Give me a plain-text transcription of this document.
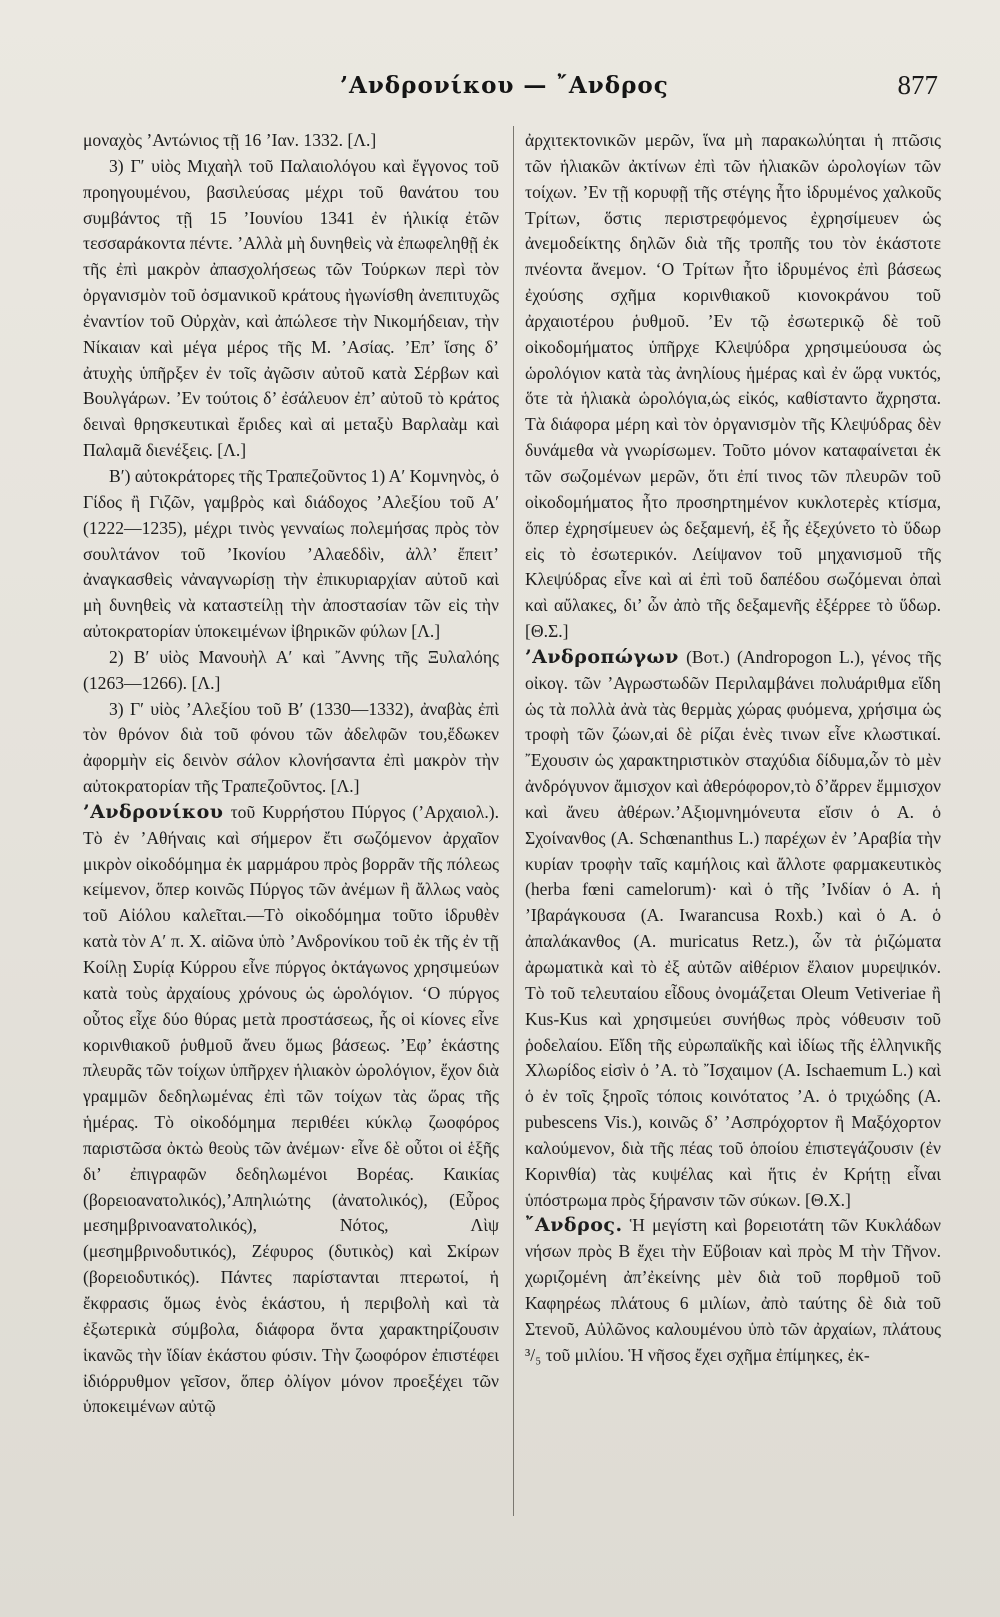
’Ανδρονίκου — ῎Ανδρος	877

μοναχὸς ’Αντώνιος τῇ 16 ’Ιαν. 1332. [Λ.]

3) Γ′ υἱὸς Μιχαὴλ τοῦ Παλαιολόγου καὶ ἔγγονος τοῦ προηγουμένου, βασιλεύσας μέχρι τοῦ θανάτου του συμβάντος τῇ 15 ’Ιουνίου 1341 ἐν ἡλικίᾳ ἐτῶν τεσσαράκοντα πέντε. ’Αλλὰ μὴ δυνηθεὶς νὰ ἐπωφεληθῇ ἐκ τῆς ἐπὶ μακρὸν ἀπασχολήσεως τῶν Τούρκων περὶ τὸν ὀργανισμὸν τοῦ ὀσμανικοῦ κράτους ἠγωνίσθη ἀνεπιτυχῶς ἐναντίον τοῦ Οὐρχὰν, καὶ ἀπώλεσε τὴν Νικομήδειαν, τὴν Νίκαιαν καὶ μέγα μέρος τῆς Μ. ’Ασίας. ’Επ’ ἴσης δ’ ἀτυχὴς ὑπῆρξεν ἐν τοῖς ἀγῶσιν αὐτοῦ κατὰ Σέρβων καὶ Βουλγάρων. ’Εν τούτοις δ’ ἐσάλευον ἐπ’ αὐτοῦ τὸ κράτος δειναὶ θρησκευτικαὶ ἔριδες καὶ αἱ μεταξὺ Βαρλαὰμ καὶ Παλαμᾶ διενέξεις. [Λ.]

Β′) αὐτοκράτορες τῆς Τραπεζοῦντος 1) Α′ Κομνηνὸς, ὁ Γίδος ἢ Γιζῶν, γαμβρὸς καὶ διάδοχος ’Αλεξίου τοῦ Α′ (1222—1235), μέχρι τινὸς γενναίως πολεμήσας πρὸς τὸν σουλτάνον τοῦ ’Ικονίου ’Αλαεδδὶν, ἀλλ’ ἔπειτ’ ἀναγκασθεὶς νἀναγνωρίσῃ τὴν ἐπικυριαρχίαν αὐτοῦ καὶ μὴ δυνηθεὶς νὰ καταστείλῃ τὴν ἀποστασίαν τῶν εἰς τὴν αὐτοκρατορίαν ὑποκειμένων ἰβηρικῶν φύλων [Λ.]

2) Β′ υἱὸς Μανουὴλ Α′ καὶ ῎Αννης τῆς Ξυλαλόης (1263—1266). [Λ.]

3) Γ′ υἱὸς ’Αλεξίου τοῦ Β′ (1330—1332), ἀναβὰς ἐπὶ τὸν θρόνον διὰ τοῦ φόνου τῶν ἀδελφῶν του,ἔδωκεν ἀφορμὴν εἰς δεινὸν σάλον κλονήσαντα ἐπὶ μακρὸν τὴν αὐτοκρατορίαν τῆς Τραπεζοῦντος. [Λ.]

’Ανδρονίκου τοῦ Κυρρήστου Πύργος (’Αρχαιολ.). Τὸ ἐν ’Αθήναις καὶ σήμερον ἔτι σωζόμενον ἀρχαῖον μικρὸν οἰκοδόμημα ἐκ μαρμάρου πρὸς βορρᾶν τῆς πόλεως κείμενον, ὅπερ κοινῶς Πύργος τῶν ἀνέμων ἢ ἄλλως ναὸς τοῦ Αἰόλου καλεῖται.—Τὸ οἰκοδόμημα τοῦτο ἱδρυθὲν κατὰ τὸν Α′ π. Χ. αἰῶνα ὑπὸ ’Ανδρονίκου τοῦ ἐκ τῆς ἐν τῇ Κοίλῃ Συρίᾳ Κύρρου εἶνε πύργος ὀκτάγωνος χρησιμεύων κατὰ τοὺς ἀρχαίους χρόνους ὡς ὡρολόγιον. ‘Ο πύργος οὗτος εἶχε δύο θύρας μετὰ προστάσεως, ἧς οἱ κίονες εἶνε κορινθιακοῦ ῥυθμοῦ ἄνευ ὅμως βάσεως. ’Εφ’ ἑκάστης πλευρᾶς τῶν τοίχων ὑπῆρχεν ἡλιακὸν ὡρολόγιον, ἔχον διὰ γραμμῶν δεδηλωμένας ἐπὶ τῶν τοίχων τὰς ὥρας τῆς ἡμέρας. Τὸ οἰκοδόμημα περιθέει κύκλῳ ζωοφόρος παριστῶσα ὀκτὼ θεοὺς τῶν ἀνέμων· εἶνε δὲ οὗτοι οἱ ἑξῆς δι’ ἐπιγραφῶν δεδηλωμένοι Βορέας. Καικίας (βορειοανατολικός),’Απηλιώτης (ἀνατολικός), (Εὖρος μεσημβρινοανατολικός), Νότος, Λὶψ (μεσημβρινοδυτικός), Ζέφυρος (δυτικὸς) καὶ Σκίρων (βορειοδυτικός). Πάντες παρίστανται πτερωτοί, ἡ ἔκφρασις ὅμως ἑνὸς ἑκάστου, ἡ περιβολὴ καὶ τὰ ἐξωτερικὰ σύμβολα, διάφορα ὄντα χαρακτηρίζουσιν ἱκανῶς τὴν ἴδίαν ἑκάστου φύσιν. Τὴν ζωοφόρον ἐπιστέφει ἰδιόρρυθμον γεῖσον, ὅπερ ὀλίγον μόνον προεξέχει τῶν ὑποκειμένων αὐτῷ

ἀρχιτεκτονικῶν μερῶν, ἵνα μὴ παρακωλύηται ἡ πτῶσις τῶν ἡλιακῶν ἀκτίνων ἐπὶ τῶν ἡλιακῶν ὡρολογίων τῶν τοίχων. ’Εν τῇ κορυφῇ τῆς στέγης ἦτο ἱδρυμένος χαλκοῦς Τρίτων, ὅστις περιστρεφόμενος ἐχρησίμευεν ὡς ἀνεμοδείκτης δηλῶν διὰ τῆς τροπῆς του τὸν ἑκάστοτε πνέοντα ἄνεμον. ‘Ο Τρίτων ἦτο ἱδρυμένος ἐπὶ βάσεως ἐχούσης σχῆμα κορινθιακοῦ κιονοκράνου τοῦ ἀρχαιοτέρου ῥυθμοῦ. ’Εν τῷ ἐσωτερικῷ δὲ τοῦ οἰκοδομήματος ὑπῆρχε Κλεψύδρα χρησιμεύουσα ὡς ὡρολόγιον κατὰ τὰς ἀνηλίους ἡμέρας καὶ ἐν ὥρᾳ νυκτός, ὅτε τὰ ἡλιακὰ ὡρολόγια,ὡς εἰκός, καθίσταντο ἄχρηστα. Τὰ διάφορα μέρη καὶ τὸν ὀργανισμὸν τῆς Κλεψύδρας δὲν δυνάμεθα νὰ γνωρίσωμεν. Τοῦτο μόνον καταφαίνεται ἐκ τῶν σωζομένων μερῶν, ὅτι ἐπί τινος τῶν πλευρῶν τοῦ οἰκοδομήματος ἦτο προσηρτημένον κυκλοτερὲς κτίσμα, ὅπερ ἐχρησίμευεν ὡς δεξαμενή, ἐξ ἧς ἐξεχύνετο τὸ ὕδωρ εἰς τὸ ἐσωτερικόν. Λείψανον τοῦ μηχανισμοῦ τῆς Κλεψύδρας εἶνε καὶ αἱ ἐπὶ τοῦ δαπέδου σωζόμεναι ὀπαὶ καὶ αὔλακες, δι’ ὧν ἀπὸ τῆς δεξαμενῆς ἐξέρρεε τὸ ὕδωρ. [Θ.Σ.]

’Ανδροπώγων (Βοτ.) (Andropogon L.), γένος τῆς οἰκογ. τῶν ’Αγρωστωδῶν Περιλαμβάνει πολυάριθμα εἴδη ὡς τὰ πολλὰ ἀνὰ τὰς θερμὰς χώρας φυόμενα, χρήσιμα ὡς τροφὴ τῶν ζώων,αἱ δὲ ρίζαι ἑνὲς τινων εἶνε κλωστικαί. ῎Εχουσιν ὡς χαρακτηριστικὸν σταχύδια δίδυμα,ὧν τὸ μὲν ἀνδρόγυνον ἄμισχον καὶ ἀθερόφορον,τὸ δ’ἄρρεν ἔμμισχον καὶ ἄνευ ἀθέρων.’Αξιομνημόνευτα εἴσιν ὁ Α. ὁ Σχοίνανθος (A. Schœnanthus L.) παρέχων ἐν ’Αραβία τὴν κυρίαν τροφὴν ταῖς καμήλοις καὶ ἄλλοτε φαρμακευτικὸς (herba fœni camelorum)· καὶ ὁ τῆς ’Ινδίαν ὁ Α. ἡ ’Ιβαράγκουσα (A. Iwarancusa Roxb.) καὶ ὁ Α. ὁ ἀπαλάκανθος (A. muricatus Retz.), ὧν τὰ ῥιζώματα ἀρωματικὰ καὶ τὸ ἐξ αὐτῶν αἰθέριον ἔλαιον μυρεψικόν. Τὸ τοῦ τελευταίου εἶδους ὀνομάζεται Oleum Vetiveriae ἢ Kus-Kus καὶ χρησιμεύει συνήθως πρὸς νόθευσιν τοῦ ῥοδελαίου. Εἴδη τῆς εὐρωπαϊκῆς καὶ ἰδίως τῆς ἑλληνικῆς Χλωρίδος εἰσὶν ὁ ’Α. τὸ ῎Ισχαιμον (A. Ischaemum L.) καὶ ὁ ἐν τοῖς ξηροῖς τόποις κοινότατος ’Α. ὁ τριχώδης (A. pubescens Vis.), κοινῶς δ’ ’Ασπρόχορτον ἢ Μαξόχορτον καλούμενον, διὰ τῆς πέας τοῦ ὁποίου ἐπιστεγάζουσιν (ἐν Κορινθία) τὰς κυψέλας καὶ ἥτις ἐν Κρήτῃ εἶναι ὑπόστρωμα πρὸς ξήρανσιν τῶν σύκων. [Θ.Χ.]

῎Ανδρος. Ἡ μεγίστη καὶ βορειοτάτη τῶν Κυκλάδων νήσων πρὸς Β ἔχει τὴν Εὔβοιαν καὶ πρὸς Μ τὴν Τῆνον. χωριζομένη ἀπ’ἐκείνης μὲν διὰ τοῦ πορθμοῦ τοῦ Καφηρέως πλάτους 6 μιλίων, ἀπὸ ταύτης δὲ διὰ τοῦ Στενοῦ, Αὐλῶνος καλουμένου ὑπὸ τῶν ἀρχαίων, πλάτους ³/₅ τοῦ μιλίου. Ἡ νῆσος ἔχει σχῆμα ἐπίμηκες, ἐκ-
